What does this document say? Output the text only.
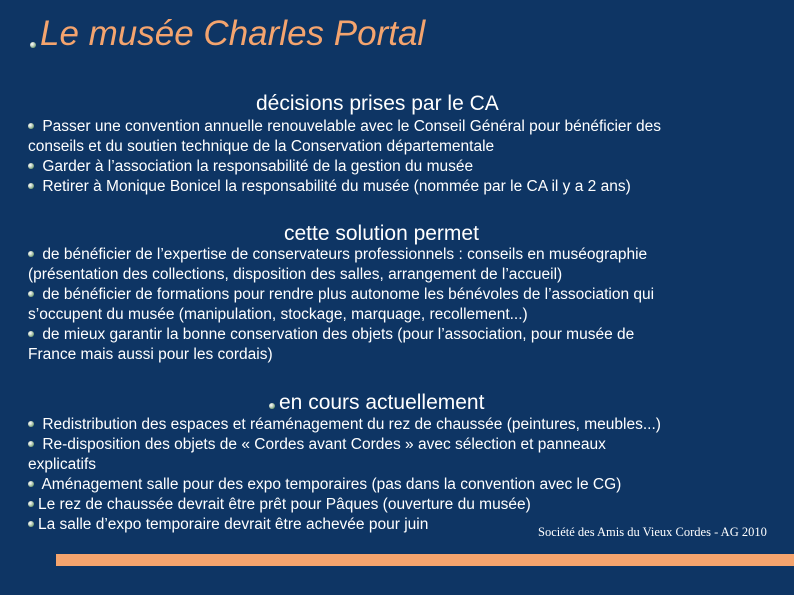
Le musée Charles Portal
décisions prises par le CA
Passer une convention annuelle renouvelable avec le Conseil Général pour bénéficier des
conseils et du soutien technique de la Conservation départementale
Garder à l’association la responsabilité de la gestion du musée
Retirer à Monique Bonicel la responsabilité du musée (nommée par le CA il y a 2 ans)
cette solution permet
de bénéficier de l’expertise de conservateurs professionnels : conseils en muséographie
(présentation des collections, disposition des salles, arrangement de l’accueil)
de bénéficier de formations pour rendre plus autonome les bénévoles de l’association qui
s’occupent du musée (manipulation, stockage, marquage, recollement...)
de mieux garantir la bonne conservation des objets (pour l’association, pour musée de
France mais aussi pour les cordais)
en cours actuellement
Redistribution des espaces et réaménagement du rez de chaussée (peintures, meubles...)
Re-disposition des objets de « Cordes avant Cordes » avec sélection et panneaux
explicatifs
Aménagement salle pour des expo temporaires (pas dans la convention avec le CG)
Le rez de chaussée devrait être prêt pour Pâques (ouverture du musée)
La salle d’expo temporaire devrait être achevée pour juin	Société des Amis du Vieux Cordes - AG 2010
